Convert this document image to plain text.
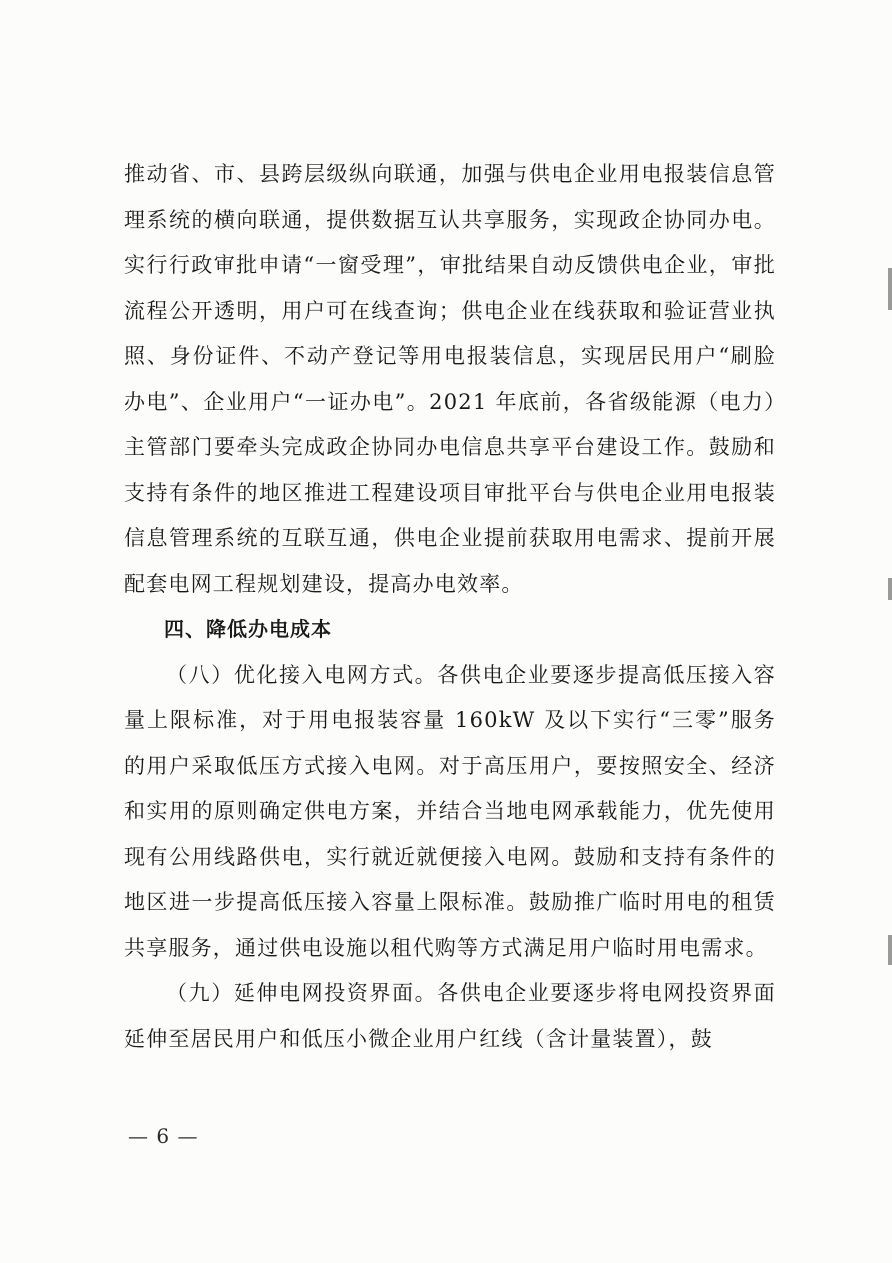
推动省、市、县跨层级纵向联通，加强与供电企业用电报装信息管理系统的横向联通，提供数据互认共享服务，实现政企协同办电。实行行政审批申请“一窗受理”，审批结果自动反馈供电企业，审批流程公开透明，用户可在线查询；供电企业在线获取和验证营业执照、身份证件、不动产登记等用电报装信息，实现居民用户“刷脸办电”、企业用户“一证办电”。2021 年底前，各省级能源（电力）主管部门要牵头完成政企协同办电信息共享平台建设工作。鼓励和支持有条件的地区推进工程建设项目审批平台与供电企业用电报装信息管理系统的互联互通，供电企业提前获取用电需求、提前开展配套电网工程规划建设，提高办电效率。

四、降低办电成本

（八）优化接入电网方式。各供电企业要逐步提高低压接入容量上限标准，对于用电报装容量 160kW 及以下实行“三零”服务的用户采取低压方式接入电网。对于高压用户，要按照安全、经济和实用的原则确定供电方案，并结合当地电网承载能力，优先使用现有公用线路供电，实行就近就便接入电网。鼓励和支持有条件的地区进一步提高低压接入容量上限标准。鼓励推广临时用电的租赁共享服务，通过供电设施以租代购等方式满足用户临时用电需求。

（九）延伸电网投资界面。各供电企业要逐步将电网投资界面延伸至居民用户和低压小微企业用户红线（含计量装置），鼓

— 6 —
